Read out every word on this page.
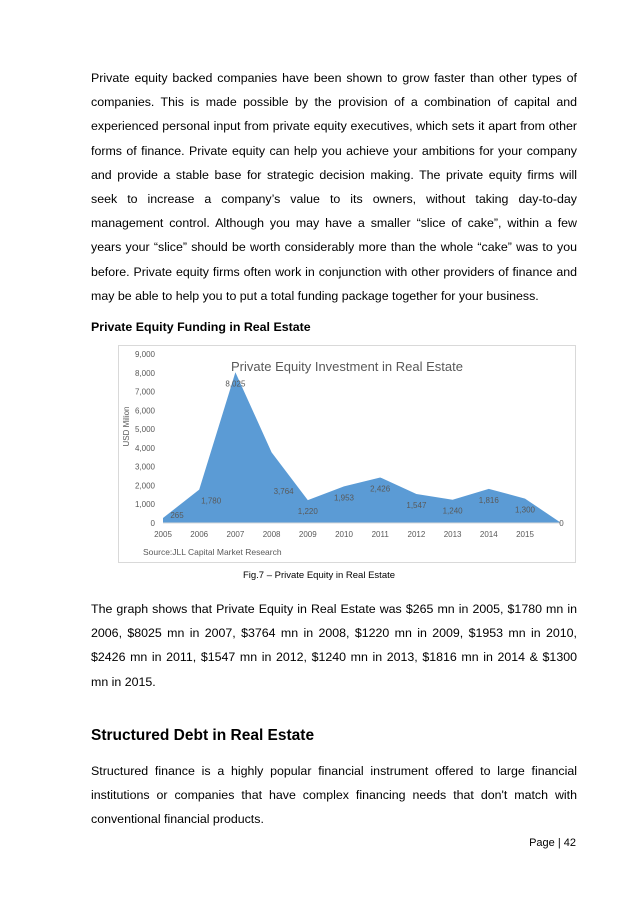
Private equity backed companies have been shown to grow faster than other types of companies. This is made possible by the provision of a combination of capital and experienced personal input from private equity executives, which sets it apart from other forms of finance. Private equity can help you achieve your ambitions for your company and provide a stable base for strategic decision making. The private equity firms will seek to increase a company’s value to its owners, without taking day-to-day management control. Although you may have a smaller “slice of cake”, within a few years your “slice” should be worth considerably more than the whole “cake” was to you before. Private equity firms often work in conjunction with other providers of finance and may be able to help you to put a total funding package together for your business.

Private Equity Funding in Real Estate

Private Equity Investment in Real Estate
USD Milion
Source:JLL Capital Market Research
0
1,000
2,000
3,000
4,000
5,000
6,000
7,000
8,000
9,000
2005 2006 2007 2008 2009 2010 2011 2012 2013 2014 2015
265
1,780
8,025
3,764
1,220
1,953
2,426
1,547
1,240
1,816
1,300
0

Fig.7 – Private Equity in Real Estate

The graph shows that Private Equity in Real Estate was $265 mn in 2005, $1780 mn in 2006, $8025 mn in 2007, $3764 mn in 2008, $1220 mn in 2009, $1953 mn in 2010, $2426 mn in 2011, $1547 mn in 2012, $1240 mn in 2013, $1816 mn in 2014 & $1300 mn in 2015.

Structured Debt in Real Estate

Structured finance is a highly popular financial instrument offered to large financial institutions or companies that have complex financing needs that don't match with conventional financial products.

Page | 42
